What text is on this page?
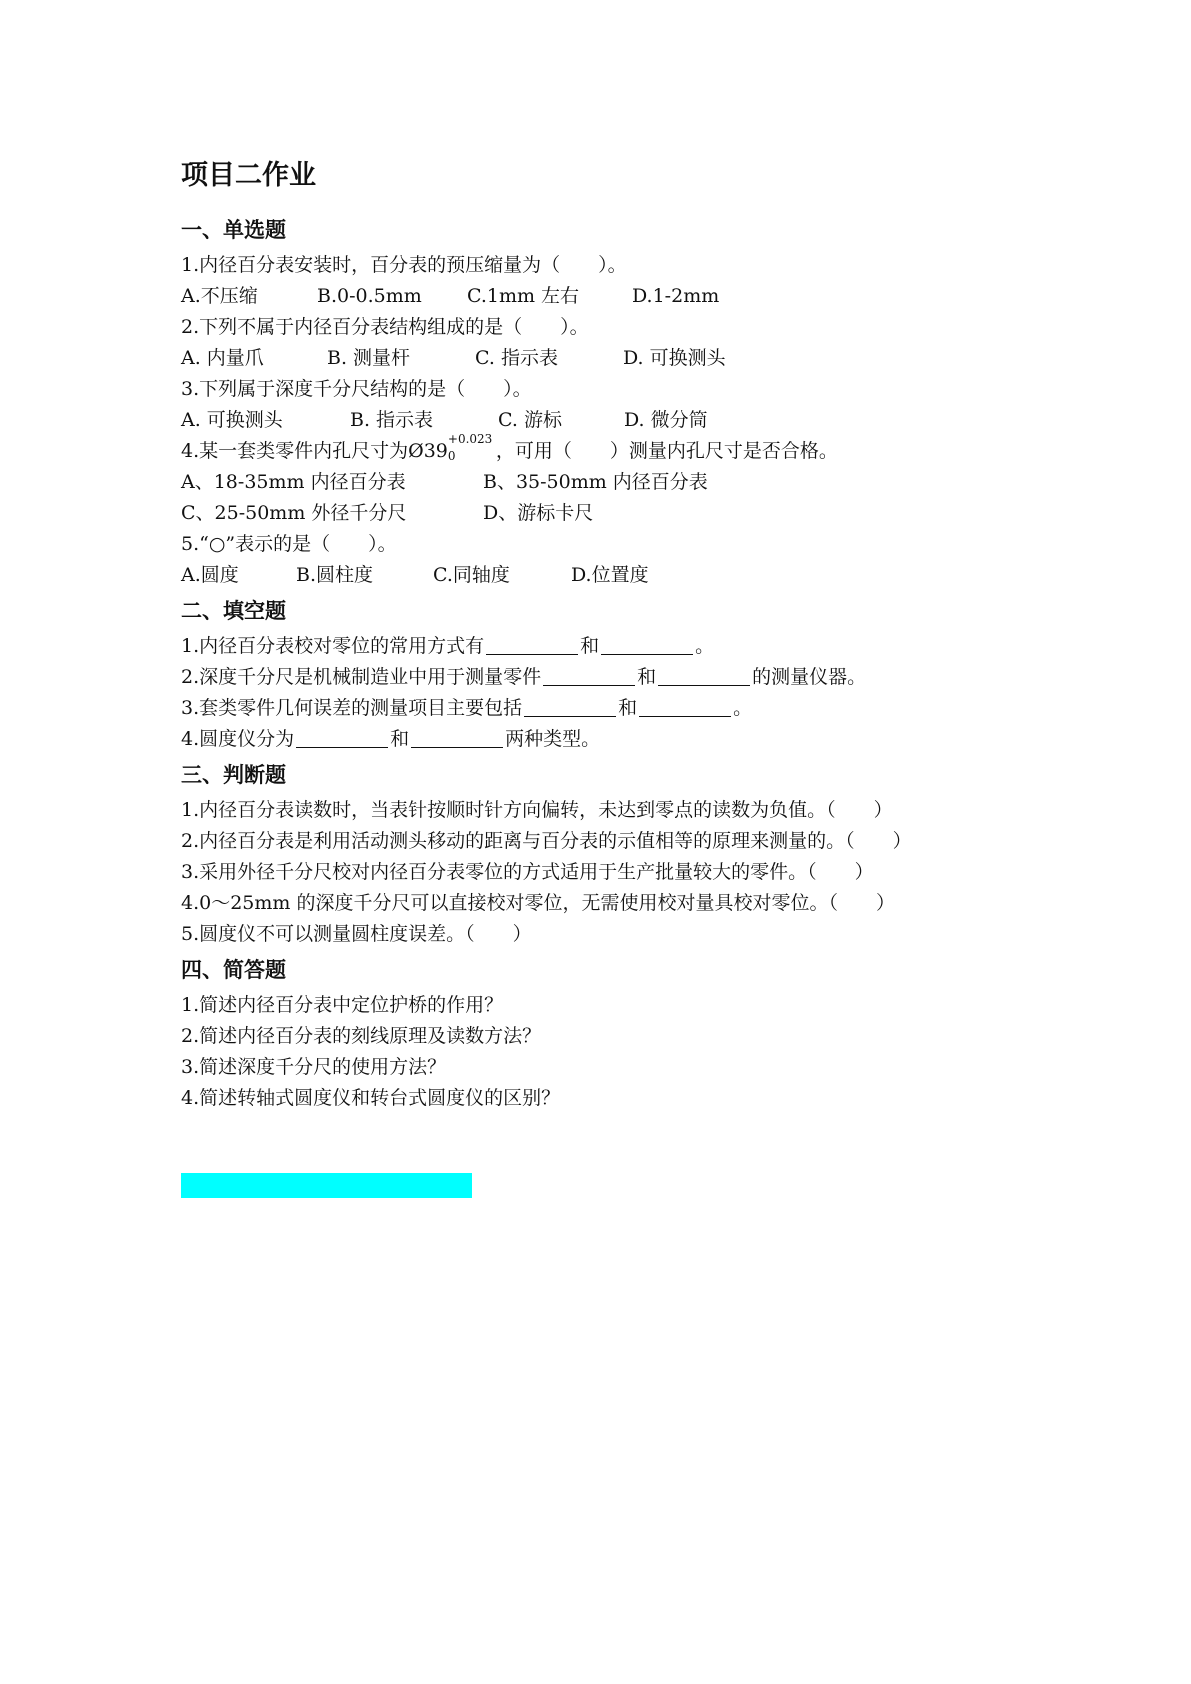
项目二作业
一、单选题
1.内径百分表安装时，百分表的预压缩量为（　　）。
A.不压缩	B.0-0.5mm C.1mm 左右	D.1-2mm
2.下列不属于内径百分表结构组成的是（　　）。
A. 内量爪	B. 测量杆	C. 指示表	D. 可换测头
3.下列属于深度千分尺结构的是（　　）。
A. 可换测头	B. 指示表	C. 游标	D. 微分筒
4.某一套类零件内孔尺寸为Ø39
+0.023
0 ，可用（　　）测量内孔尺寸是否合格。
A、18-35mm 内径百分表	B、35-50mm 内径百分表
C、25-50mm 外径千分尺	D、游标卡尺
5.“○”表示的是（　　）。
A.圆度	B.圆柱度	C.同轴度	D.位置度
二、填空题
1.内径百分表校对零位的常用方式有	和	。
2.深度千分尺是机械制造业中用于测量零件	和	的测量仪器。
3.套类零件几何误差的测量项目主要包括	和	。
4.圆度仪分为	和	两种类型。
三、判断题
1.内径百分表读数时，当表针按顺时针方向偏转，未达到零点的读数为负值。（　　）
2.内径百分表是利用活动测头移动的距离与百分表的示值相等的原理来测量的。（　　）
3.采用外径千分尺校对内径百分表零位的方式适用于生产批量较大的零件。（　　）
4.0～25mm 的深度千分尺可以直接校对零位，无需使用校对量具校对零位。（　　）
5.圆度仪不可以测量圆柱度误差。（　　）
四、简答题
1.简述内径百分表中定位护桥的作用？
2.简述内径百分表的刻线原理及读数方法？
3.简述深度千分尺的使用方法？
4.简述转轴式圆度仪和转台式圆度仪的区别？
